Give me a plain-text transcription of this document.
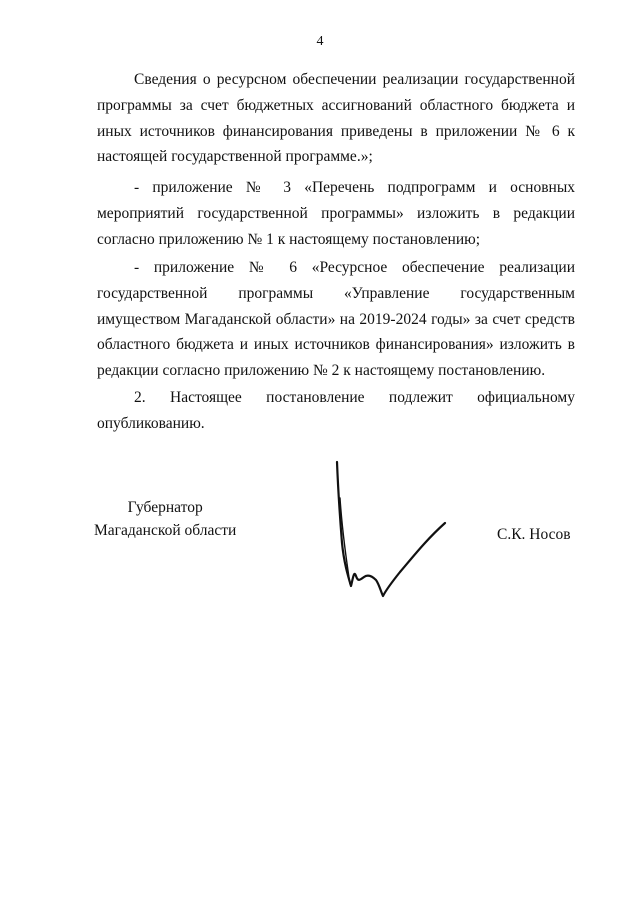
4

Сведения о ресурсном обеспечении реализации государственной программы за счет бюджетных ассигнований областного бюджета и иных источников финансирования приведены в приложении № 6 к настоящей государственной программе.»;

- приложение № 3 «Перечень подпрограмм и основных мероприятий государственной программы» изложить в редакции согласно приложению № 1 к настоящему постановлению;

- приложение № 6 «Ресурсное обеспечение реализации государственной программы «Управление государственным имуществом Магаданской области» на 2019-2024 годы» за счет средств областного бюджета и иных источников финансирования» изложить в редакции согласно приложению № 2 к настоящему постановлению.

2. Настоящее постановление подлежит официальному опубликованию.

Губернатор
Магаданской области	С.К. Носов
